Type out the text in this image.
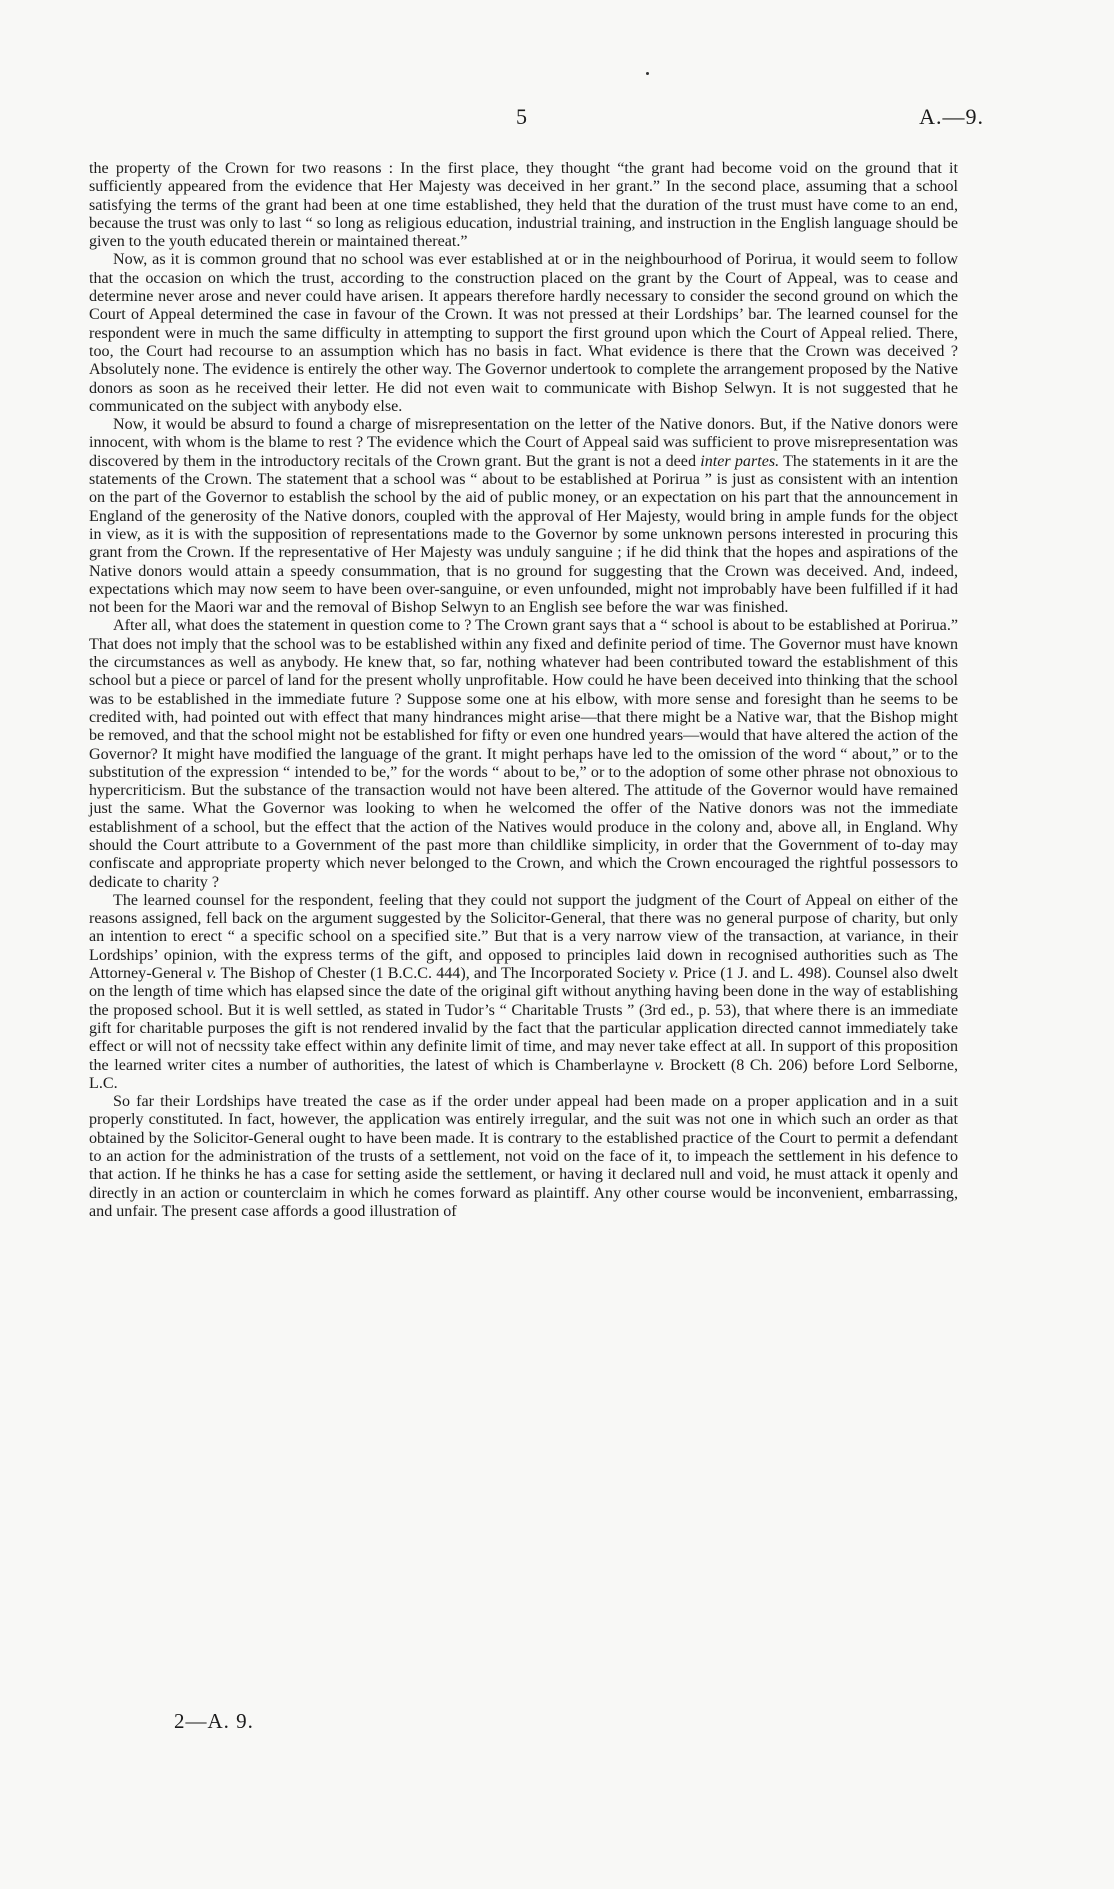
5	A.—9.

the property of the Crown for two reasons : In the first place, they thought “the grant had become void on the ground that it sufficiently appeared from the evidence that Her Majesty was deceived in her grant.” In the second place, assuming that a school satisfying the terms of the grant had been at one time established, they held that the duration of the trust must have come to an end, because the trust was only to last “ so long as religious education, industrial training, and instruction in the English language should be given to the youth educated therein or maintained thereat.”

Now, as it is common ground that no school was ever established at or in the neighbourhood of Porirua, it would seem to follow that the occasion on which the trust, according to the construction placed on the grant by the Court of Appeal, was to cease and determine never arose and never could have arisen. It appears therefore hardly necessary to consider the second ground on which the Court of Appeal determined the case in favour of the Crown. It was not pressed at their Lordships’ bar. The learned counsel for the respondent were in much the same difficulty in attempting to support the first ground upon which the Court of Appeal relied. There, too, the Court had recourse to an assumption which has no basis in fact. What evidence is there that the Crown was deceived ? Absolutely none. The evidence is entirely the other way. The Governor undertook to complete the arrangement proposed by the Native donors as soon as he received their letter. He did not even wait to communicate with Bishop Selwyn. It is not suggested that he communicated on the subject with anybody else.

Now, it would be absurd to found a charge of misrepresentation on the letter of the Native donors. But, if the Native donors were innocent, with whom is the blame to rest ? The evidence which the Court of Appeal said was sufficient to prove misrepresentation was discovered by them in the introductory recitals of the Crown grant. But the grant is not a deed inter partes. The statements in it are the statements of the Crown. The statement that a school was “ about to be established at Porirua ” is just as consistent with an intention on the part of the Governor to establish the school by the aid of public money, or an expectation on his part that the announcement in England of the generosity of the Native donors, coupled with the approval of Her Majesty, would bring in ample funds for the object in view, as it is with the supposition of representations made to the Governor by some unknown persons interested in procuring this grant from the Crown. If the representative of Her Majesty was unduly sanguine ; if he did think that the hopes and aspirations of the Native donors would attain a speedy consummation, that is no ground for suggesting that the Crown was deceived. And, indeed, expectations which may now seem to have been over-sanguine, or even unfounded, might not improbably have been fulfilled if it had not been for the Maori war and the removal of Bishop Selwyn to an English see before the war was finished.

After all, what does the statement in question come to ? The Crown grant says that a “ school is about to be established at Porirua.” That does not imply that the school was to be established within any fixed and definite period of time. The Governor must have known the circumstances as well as anybody. He knew that, so far, nothing whatever had been contributed toward the establishment of this school but a piece or parcel of land for the present wholly unprofitable. How could he have been deceived into thinking that the school was to be established in the immediate future ? Suppose some one at his elbow, with more sense and foresight than he seems to be credited with, had pointed out with effect that many hindrances might arise—that there might be a Native war, that the Bishop might be removed, and that the school might not be established for fifty or even one hundred years—would that have altered the action of the Governor? It might have modified the language of the grant. It might perhaps have led to the omission of the word “ about,” or to the substitution of the expression “ intended to be,” for the words “ about to be,” or to the adoption of some other phrase not obnoxious to hypercriticism. But the substance of the transaction would not have been altered. The attitude of the Governor would have remained just the same. What the Governor was looking to when he welcomed the offer of the Native donors was not the immediate establishment of a school, but the effect that the action of the Natives would produce in the colony and, above all, in England. Why should the Court attribute to a Government of the past more than childlike simplicity, in order that the Government of to-day may confiscate and appropriate property which never belonged to the Crown, and which the Crown encouraged the rightful possessors to dedicate to charity ?

The learned counsel for the respondent, feeling that they could not support the judgment of the Court of Appeal on either of the reasons assigned, fell back on the argument suggested by the Solicitor-General, that there was no general purpose of charity, but only an intention to erect “ a specific school on a specified site.” But that is a very narrow view of the transaction, at variance, in their Lordships’ opinion, with the express terms of the gift, and opposed to principles laid down in recognised authorities such as The Attorney-General v. The Bishop of Chester (1 B.C.C. 444), and The Incorporated Society v. Price (1 J. and L. 498). Counsel also dwelt on the length of time which has elapsed since the date of the original gift without anything having been done in the way of establishing the proposed school. But it is well settled, as stated in Tudor’s “ Charitable Trusts ” (3rd ed., p. 53), that where there is an immediate gift for charitable purposes the gift is not rendered invalid by the fact that the particular application directed cannot immediately take effect or will not of necssity take effect within any definite limit of time, and may never take effect at all. In support of this proposition the learned writer cites a number of authorities, the latest of which is Chamberlayne v. Brockett (8 Ch. 206) before Lord Selborne, L.C.

So far their Lordships have treated the case as if the order under appeal had been made on a proper application and in a suit properly constituted. In fact, however, the application was entirely irregular, and the suit was not one in which such an order as that obtained by the Solicitor-General ought to have been made. It is contrary to the established practice of the Court to permit a defendant to an action for the administration of the trusts of a settlement, not void on the face of it, to impeach the settlement in his defence to that action. If he thinks he has a case for setting aside the settlement, or having it declared null and void, he must attack it openly and directly in an action or counterclaim in which he comes forward as plaintiff. Any other course would be inconvenient, embarrassing, and unfair. The present case affords a good illustration of

2—A. 9.
